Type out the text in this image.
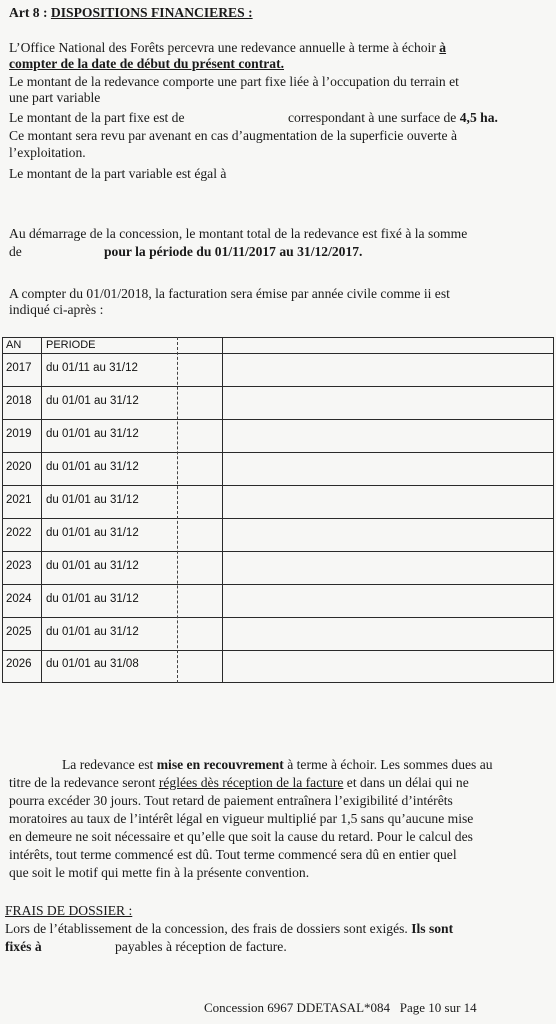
Art 8 : DISPOSITIONS FINANCIERES :
L’Office National des Forêts percevra une redevance annuelle à terme à échoir à
compter de la date de début du présent contrat.
Le montant de la redevance comporte une part fixe liée à l’occupation du terrain et
une part variable
Le montant de la part fixe est de	correspondant à une surface de 4,5 ha.
Ce montant sera revu par avenant en cas d’augmentation de la superficie ouverte à
l’exploitation.
Le montant de la part variable est égal à
Au démarrage de la concession, le montant total de la redevance est fixé à la somme
de	pour la période du 01/11/2017 au 31/12/2017.
A compter du 01/01/2018, la facturation sera émise par année civile comme ii est
indiqué ci-après :
AN PERIODE
2017 du 01/11 au 31/12
2018 du 01/01 au 31/12
2019 du 01/01 au 31/12
2020 du 01/01 au 31/12
2021 du 01/01 au 31/12
2022 du 01/01 au 31/12
2023 du 01/01 au 31/12
2024 du 01/01 au 31/12
2025 du 01/01 au 31/12
2026 du 01/01 au 31/08
La redevance est mise en recouvrement à terme à échoir. Les sommes dues au
titre de la redevance seront réglées dès réception de la facture et dans un délai qui ne
pourra excéder 30 jours. Tout retard de paiement entraînera l’exigibilité d’intérêts
moratoires au taux de l’intérêt légal en vigueur multiplié par 1,5 sans qu’aucune mise
en demeure ne soit nécessaire et qu’elle que soit la cause du retard. Pour le calcul des
intérêts, tout terme commencé est dû. Tout terme commencé sera dû en entier quel
que soit le motif qui mette fin à la présente convention.
FRAIS DE DOSSIER :
Lors de l’établissement de la concession, des frais de dossiers sont exigés. Ils sont
fixés à	payables à réception de facture.
Concession 6967 DDETASAL*084 Page 10 sur 14
